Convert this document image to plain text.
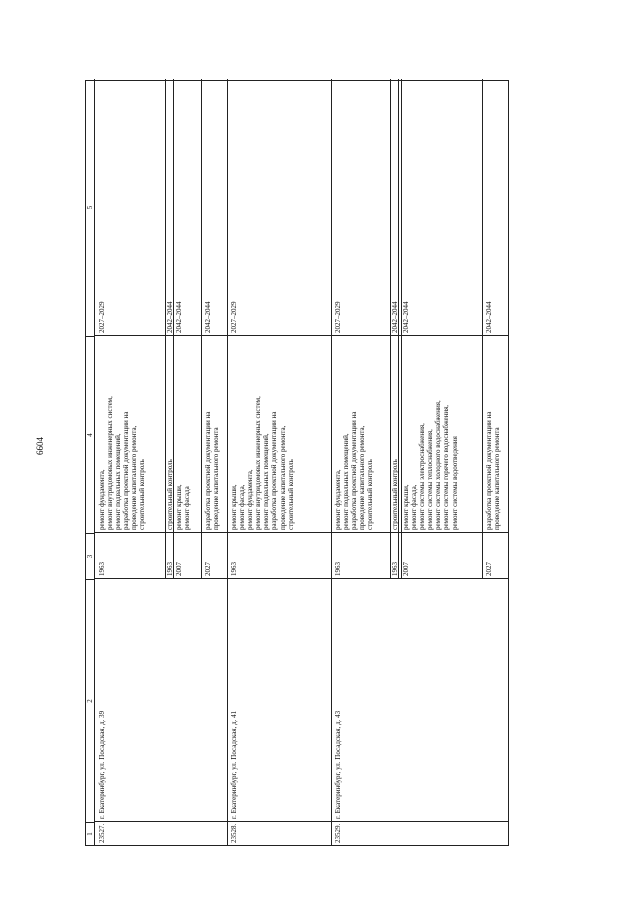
6604
1
2
3
4
5
23527.
г. Екатеринбург, ул. Посадская, д. 39
1963
ремонт фундамента,
ремонт внутридомовых инженерных систем,
ремонт подвальных помещений,
разработка проектной документации на
проведение капитального ремонта,
строительный контроль
2027–2029
1963
строительный контроль
2042–2044
2007
ремонт крыши,
ремонт фасада
2042–2044
2027
разработка проектной документации на
проведение капитального ремонта
2042–2044
23528.
г. Екатеринбург, ул. Посадская, д. 41
1963
ремонт крыши,
ремонт фасада,
ремонт фундамента,
ремонт внутридомовых инженерных систем,
ремонт подвальных помещений,
разработка проектной документации на
проведение капитального ремонта,
строительный контроль
2027–2029
23529.
г. Екатеринбург, ул. Посадская, д. 43
1963
ремонт фундамента,
ремонт подвальных помещений,
разработка проектной документации на
проведение капитального ремонта,
строительный контроль
2027–2029
1963
строительный контроль
2042–2044
2007
ремонт крыши,
ремонт фасада,
ремонт системы электроснабжения,
ремонт системы теплоснабжения,
ремонт системы холодного водоснабжения,
ремонт системы горячего водоснабжения,
ремонт системы водоотведения
2042–2044
2027
разработка проектной документации на
проведение капитального ремонта
2042–2044
